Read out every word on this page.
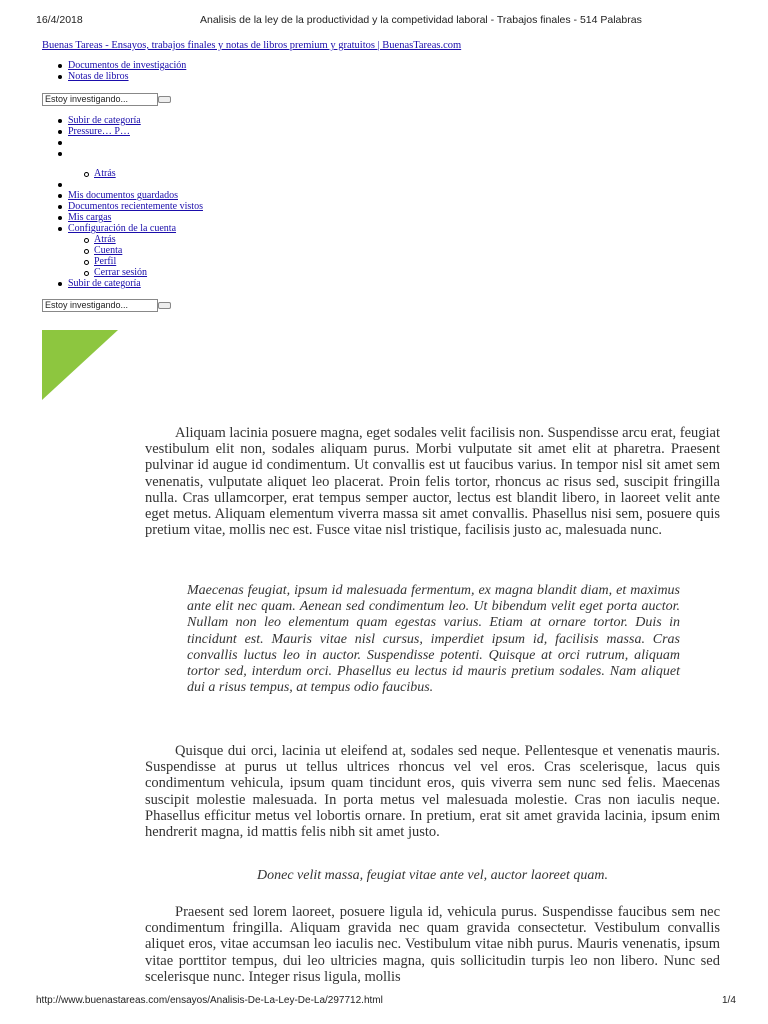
16/4/2018	Analisis de la ley de la productividad y la competividad laboral - Trabajos finales - 514 Palabras
Buenas Tareas - Ensayos, trabajos finales y notas de libros premium y gratuitos | BuenasTareas.com
Documentos de investigación
Notas de libros
Estoy investigando...
Subir de categoría
Pressure… P…
Atrás
Mis documentos guardados
Documentos recientemente vistos
Mis cargas
Configuración de la cuenta
Atrás
Cuenta
Perfil
Cerrar sesión
Subir de categoría
Estoy investigando...

Aliquam lacinia posuere magna, eget sodales velit facilisis non. Suspendisse arcu erat, feugiat vestibulum elit non, sodales aliquam purus. Morbi vulputate sit amet elit at pharetra. Praesent pulvinar id augue id condimentum. Ut convallis est ut faucibus varius. In tempor nisl sit amet sem venenatis, vulputate aliquet leo placerat. Proin felis tortor, rhoncus ac risus sed, suscipit fringilla nulla. Cras ullamcorper, erat tempus semper auctor, lectus est blandit libero, in laoreet velit ante eget metus. Aliquam elementum viverra massa sit amet convallis. Phasellus nisi sem, posuere quis pretium vitae, mollis nec est. Fusce vitae nisl tristique, facilisis justo ac, malesuada nunc.

Maecenas feugiat, ipsum id malesuada fermentum, ex magna blandit diam, et maximus ante elit nec quam. Aenean sed condimentum leo. Ut bibendum velit eget porta auctor. Nullam non leo elementum quam egestas varius. Etiam at ornare tortor. Duis in tincidunt est. Mauris vitae nisl cursus, imperdiet ipsum id, facilisis massa. Cras convallis luctus leo in auctor. Suspendisse potenti. Quisque at orci rutrum, aliquam tortor sed, interdum orci. Phasellus eu lectus id mauris pretium sodales. Nam aliquet dui a risus tempus, at tempus odio faucibus.

Quisque dui orci, lacinia ut eleifend at, sodales sed neque. Pellentesque et venenatis mauris. Suspendisse at purus ut tellus ultrices rhoncus vel vel eros. Cras scelerisque, lacus quis condimentum vehicula, ipsum quam tincidunt eros, quis viverra sem nunc sed felis. Maecenas suscipit molestie malesuada. In porta metus vel malesuada molestie. Cras non iaculis neque. Phasellus efficitur metus vel lobortis ornare. In pretium, erat sit amet gravida lacinia, ipsum enim hendrerit magna, id mattis felis nibh sit amet justo.

Donec velit massa, feugiat vitae ante vel, auctor laoreet quam.

Praesent sed lorem laoreet, posuere ligula id, vehicula purus. Suspendisse faucibus sem nec condimentum fringilla. Aliquam gravida nec quam gravida consectetur. Vestibulum convallis aliquet eros, vitae accumsan leo iaculis nec. Vestibulum vitae nibh purus. Mauris venenatis, ipsum vitae porttitor tempus, dui leo ultricies magna, quis sollicitudin turpis leo non libero. Nunc sed scelerisque nunc. Integer risus ligula, mollis

http://www.buenastareas.com/ensayos/Analisis-De-La-Ley-De-La/297712.html	1/4
